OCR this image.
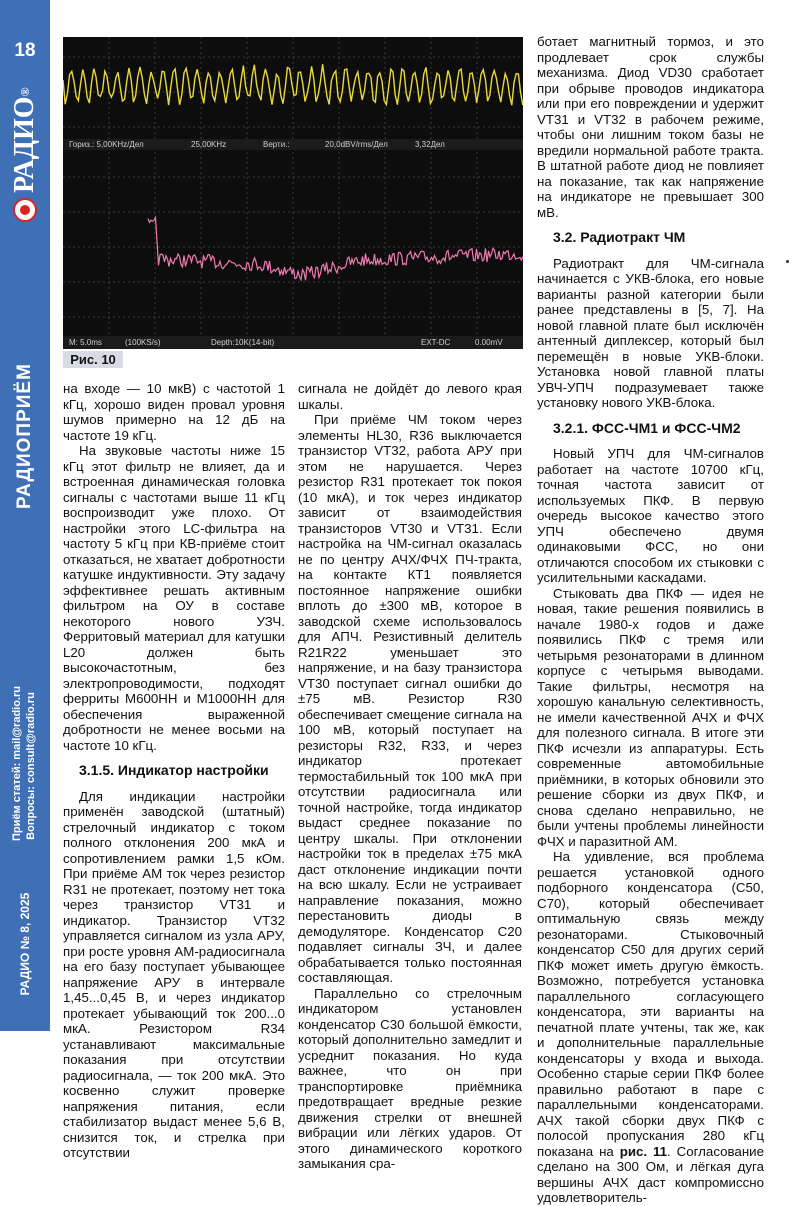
18
РАДИО®
РАДИОПРИЁМ
Приём статей: mail@radio.ru Вопросы: consult@radio.ru
РАДИО № 8, 2025
Гориз.: 5,00KHz/Дел	25,00KHz	Верти.:	20,0dBV/rms/Дел	3,32Дел
M: 5.0ms	(100KS/s)	Depth:10K(14-bit)	EXT-DC	0.00mV
Рис. 10

на входе — 10 мкВ) с частотой 1 кГц, хорошо виден провал уровня шумов примерно на 12 дБ на частоте 19 кГц.

На звуковые частоты ниже 15 кГц этот фильтр не влияет, да и встроенная динамическая головка сигналы с частотами выше 11 кГц воспроизводит уже плохо. От настройки этого LC-фильтра на частоту 5 кГц при КВ-приёме стоит отказаться, не хватает добротности катушке индуктивности. Эту задачу эффективнее решать активным фильтром на ОУ в составе некоторого нового УЗЧ. Ферритовый материал для катушки L20 должен быть высокочастотным, без электропроводимости, подходят ферриты М600НН и М1000НН для обеспечения выраженной добротности не менее восьми на частоте 10 кГц.

3.1.5. Индикатор настройки

Для индикации настройки применён заводской (штатный) стрелочный индикатор с током полного отклонения 200 мкА и сопротивлением рамки 1,5 кОм. При приёме АМ ток через резистор R31 не протекает, поэтому нет тока через транзистор VT31 и индикатор. Транзистор VT32 управляется сигналом из узла АРУ, при росте уровня АМ-радиосигнала на его базу поступает убывающее напряжение АРУ в интервале 1,45...0,45 В, и через индикатор протекает убывающий ток 200...0 мкА. Резистором R34 устанавливают максимальные показания при отсутствии радиосигнала, — ток 200 мкА. Это косвенно служит проверке напряжения питания, если стабилизатор выдаст менее 5,6 В, снизится ток, и стрелка при отсутствии

сигнала не дойдёт до левого края шкалы.

При приёме ЧМ током через элементы HL30, R36 выключается транзистор VT32, работа АРУ при этом не нарушается. Через резистор R31 протекает ток покоя (10 мкА), и ток через индикатор зависит от взаимодействия транзисторов VT30 и VT31. Если настройка на ЧМ-сигнал оказалась не по центру АЧХ/ФЧХ ПЧ-тракта, на контакте КТ1 появляется постоянное напряжение ошибки вплоть до ±300 мВ, которое в заводской схеме использовалось для АПЧ. Резистивный делитель R21R22 уменьшает это напряжение, и на базу транзистора VT30 поступает сигнал ошибки до ±75 мВ. Резистор R30 обеспечивает смещение сигнала на 100 мВ, который поступает на резисторы R32, R33, и через индикатор протекает термостабильный ток 100 мкА при отсутствии радиосигнала или точной настройке, тогда индикатор выдаст среднее показание по центру шкалы. При отклонении настройки ток в пределах ±75 мкА даст отклонение индикации почти на всю шкалу. Если не устраивает направление показания, можно перестановить диоды в демодуляторе. Конденсатор C20 подавляет сигналы ЗЧ, и далее обрабатывается только постоянная составляющая.

Параллельно со стрелочным индикатором установлен конденсатор C30 большой ёмкости, который дополнительно замедлит и усреднит показания. Но куда важнее, что он при транспортировке приёмника предотвращает вредные резкие движения стрелки от внешней вибрации или лёгких ударов. От этого динамического короткого замыкания сра-

ботает магнитный тормоз, и это продлевает срок службы механизма. Диод VD30 сработает при обрыве проводов индикатора или при его повреждении и удержит VT31 и VT32 в рабочем режиме, чтобы они лишним током базы не вредили нормальной работе тракта. В штатной работе диод не повлияет на показание, так как напряжение на индикаторе не превышает 300 мВ.

3.2. Радиотракт ЧМ

Радиотракт для ЧМ-сигнала начинается с УКВ-блока, его новые варианты разной категории были ранее представлены в [5, 7]. На новой главной плате был исключён антенный диплексер, который был перемещён в новые УКВ-блоки. Установка новой главной платы УВЧ-УПЧ подразумевает также установку нового УКВ-блока.

3.2.1. ФСС-ЧМ1 и ФСС-ЧМ2

Новый УПЧ для ЧМ-сигналов работает на частоте 10700 кГц, точная частота зависит от используемых ПКФ. В первую очередь высокое качество этого УПЧ обеспечено двумя одинаковыми ФСС, но они отличаются способом их стыковки с усилительными каскадами.

Стыковать два ПКФ — идея не новая, такие решения появились в начале 1980-х годов и даже появились ПКФ с тремя или четырьмя резонаторами в длинном корпусе с четырьмя выводами. Такие фильтры, несмотря на хорошую канальную селективность, не имели качественной АЧХ и ФЧХ для полезного сигнала. В итоге эти ПКФ исчезли из аппаратуры. Есть современные автомобильные приёмники, в которых обновили это решение сборки из двух ПКФ, и снова сделано неправильно, не были учтены проблемы линейности ФЧХ и паразитной АМ.

На удивление, вся проблема решается установкой одного подборного конденсатора (C50, C70), который обеспечивает оптимальную связь между резонаторами. Стыковочный конденсатор C50 для других серий ПКФ может иметь другую ёмкость. Возможно, потребуется установка параллельного согласующего конденсатора, эти варианты на печатной плате учтены, так же, как и дополнительные параллельные конденсаторы у входа и выхода. Особенно старые серии ПКФ более правильно работают в паре с параллельными конденсаторами. АЧХ такой сборки двух ПКФ с полосой пропускания 280 кГц показана на рис. 11. Согласование сделано на 300 Ом, и лёгкая дуга вершины АЧХ даст компромиссно удовлетворитель-
